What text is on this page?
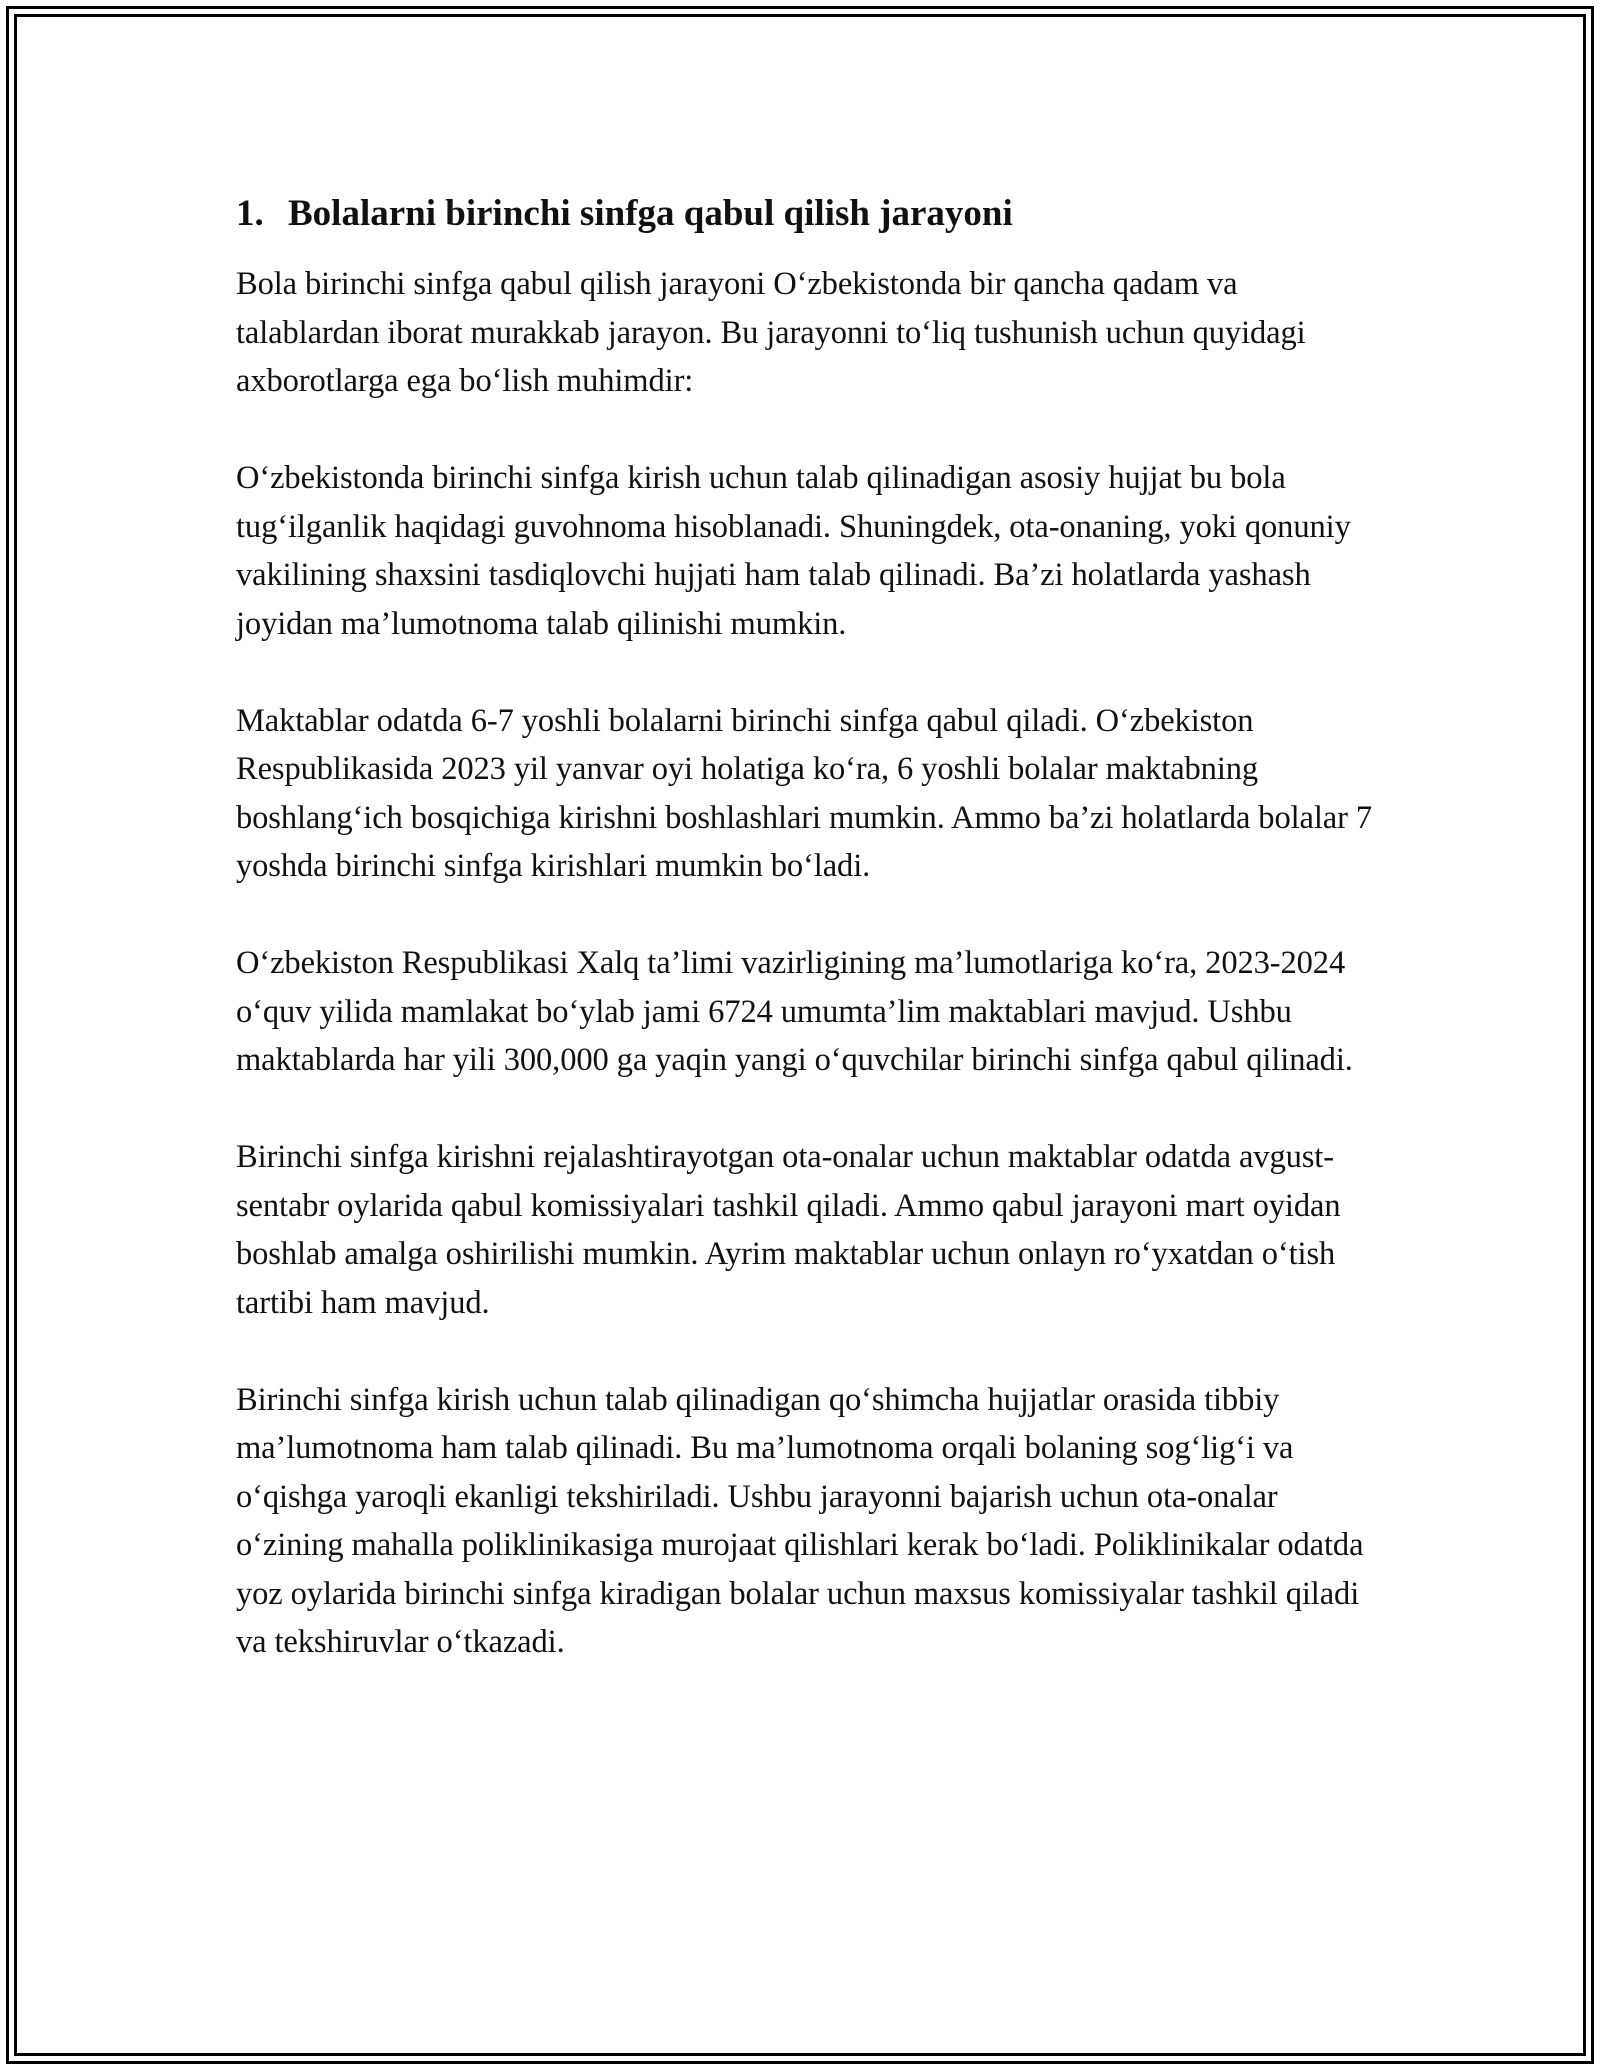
1. Bolalarni birinchi sinfga qabul qilish jarayoni

Bola birinchi sinfga qabul qilish jarayoni O‘zbekistonda bir qancha qadam va talablardan iborat murakkab jarayon. Bu jarayonni to‘liq tushunish uchun quyidagi axborotlarga ega bo‘lish muhimdir:

O‘zbekistonda birinchi sinfga kirish uchun talab qilinadigan asosiy hujjat bu bola tug‘ilganlik haqidagi guvohnoma hisoblanadi. Shuningdek, ota-onaning, yoki qonuniy vakilining shaxsini tasdiqlovchi hujjati ham talab qilinadi. Ba’zi holatlarda yashash joyidan ma’lumotnoma talab qilinishi mumkin.

Maktablar odatda 6-7 yoshli bolalarni birinchi sinfga qabul qiladi. O‘zbekiston Respublikasida 2023 yil yanvar oyi holatiga ko‘ra, 6 yoshli bolalar maktabning boshlang‘ich bosqichiga kirishni boshlashlari mumkin. Ammo ba’zi holatlarda bolalar 7 yoshda birinchi sinfga kirishlari mumkin bo‘ladi.

O‘zbekiston Respublikasi Xalq ta’limi vazirligining ma’lumotlariga ko‘ra, 2023-2024 o‘quv yilida mamlakat bo‘ylab jami 6724 umumta’lim maktablari mavjud. Ushbu maktablarda har yili 300,000 ga yaqin yangi o‘quvchilar birinchi sinfga qabul qilinadi.

Birinchi sinfga kirishni rejalashtirayotgan ota-onalar uchun maktablar odatda avgust-sentabr oylarida qabul komissiyalari tashkil qiladi. Ammo qabul jarayoni mart oyidan boshlab amalga oshirilishi mumkin. Ayrim maktablar uchun onlayn ro‘yxatdan o‘tish tartibi ham mavjud.

Birinchi sinfga kirish uchun talab qilinadigan qo‘shimcha hujjatlar orasida tibbiy ma’lumotnoma ham talab qilinadi. Bu ma’lumotnoma orqali bolaning sog‘lig‘i va o‘qishga yaroqli ekanligi tekshiriladi. Ushbu jarayonni bajarish uchun ota-onalar o‘zining mahalla poliklinikasiga murojaat qilishlari kerak bo‘ladi. Poliklinikalar odatda yoz oylarida birinchi sinfga kiradigan bolalar uchun maxsus komissiyalar tashkil qiladi va tekshiruvlar o‘tkazadi.
